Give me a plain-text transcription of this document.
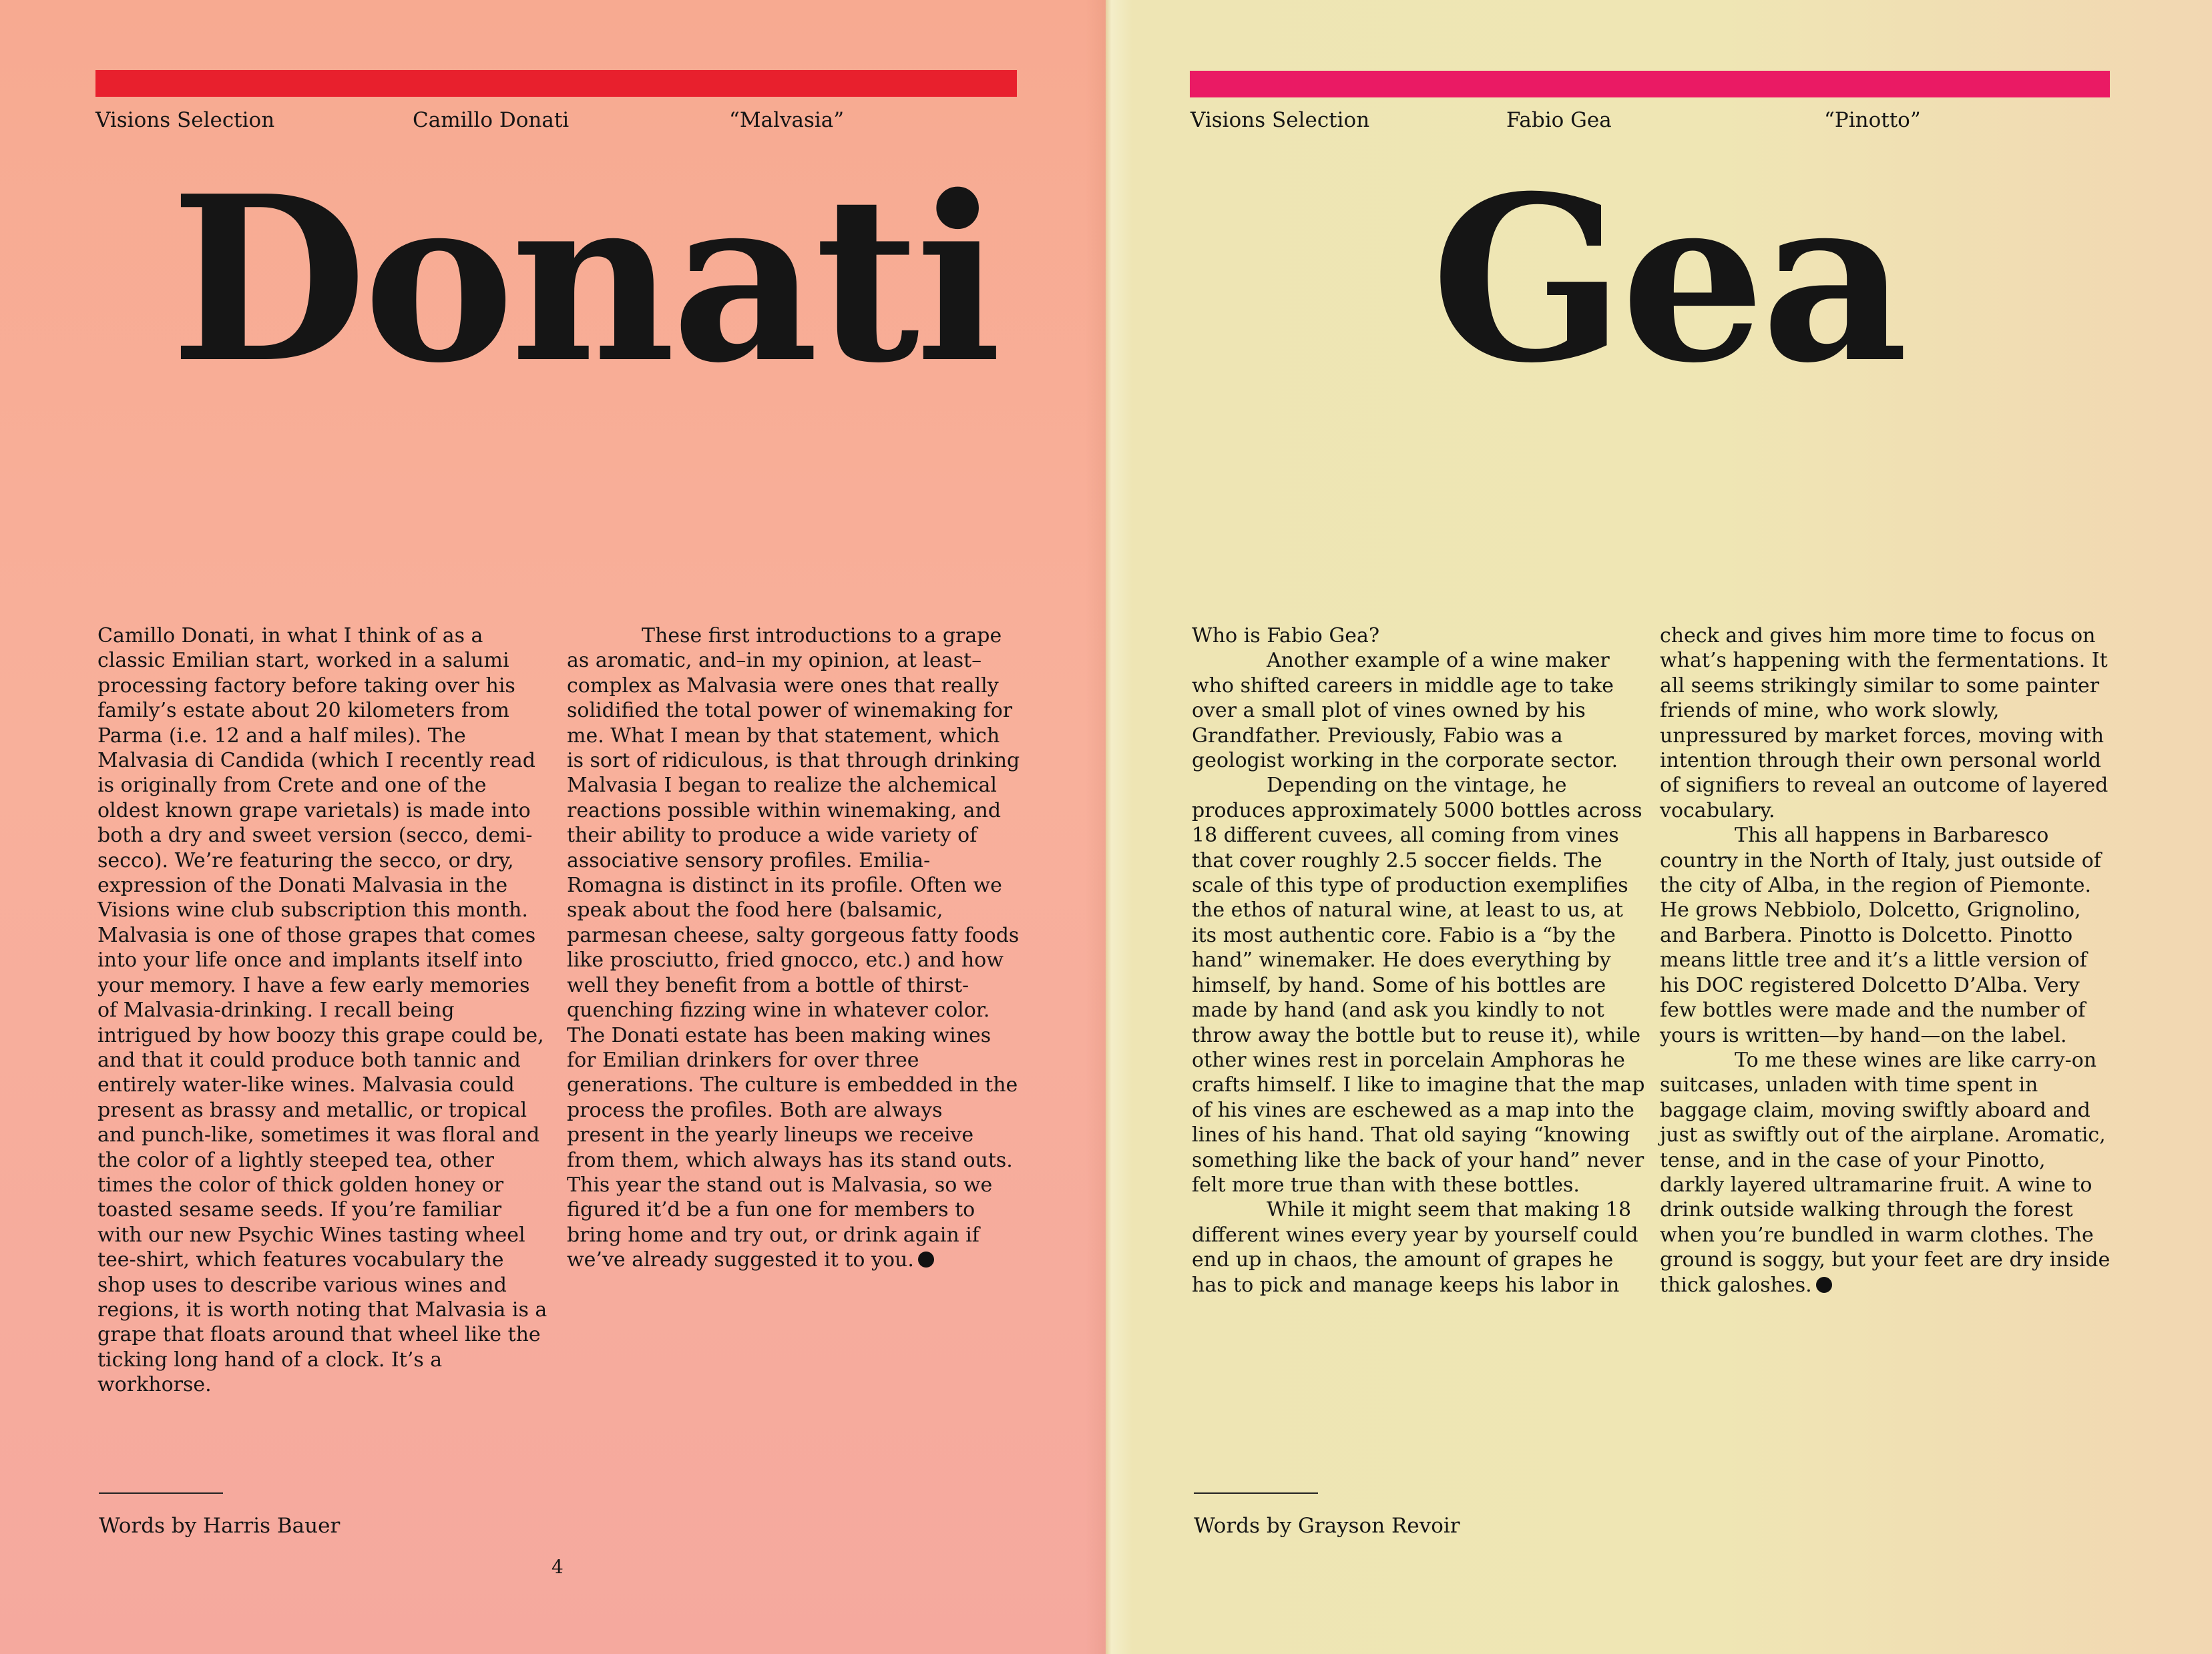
Visions Selection	Camillo Donati	“Malvasia”
Donati

Camillo Donati, in what I think of as a classic Emilian start, worked in a salumi processing factory before taking over his family’s estate about 20 kilometers from Parma (i.e. 12 and a half miles). The Malvasia di Candida (which I recently read is originally from Crete and one of the oldest known grape varietals) is made into both a dry and sweet version (secco, demi-secco). We’re featuring the secco, or dry, expression of the Donati Malvasia in the Visions wine club subscription this month. Malvasia is one of those grapes that comes into your life once and implants itself into your memory. I have a few early memories of Malvasia-drinking. I recall being intrigued by how boozy this grape could be, and that it could produce both tannic and entirely water-like wines. Malvasia could present as brassy and metallic, or tropical and punch-like, sometimes it was floral and the color of a lightly steeped tea, other times the color of thick golden honey or toasted sesame seeds. If you’re familiar with our new Psychic Wines tasting wheel tee-shirt, which features vocabulary the shop uses to describe various wines and regions, it is worth noting that Malvasia is a grape that floats around that wheel like the ticking long hand of a clock. It’s a workhorse.

These first introductions to a grape as aromatic, and–in my opinion, at least–complex as Malvasia were ones that really solidified the total power of winemaking for me. What I mean by that statement, which is sort of ridiculous, is that through drinking Malvasia I began to realize the alchemical reactions possible within winemaking, and their ability to produce a wide variety of associative sensory profiles. Emilia-Romagna is distinct in its profile. Often we speak about the food here (balsamic, parmesan cheese, salty gorgeous fatty foods like prosciutto, fried gnocco, etc.) and how well they benefit from a bottle of thirst-quenching fizzing wine in whatever color. The Donati estate has been making wines for Emilian drinkers for over three generations. The culture is embedded in the process the profiles. Both are always present in the yearly lineups we receive from them, which always has its stand outs. This year the stand out is Malvasia, so we figured it’d be a fun one for members to bring home and try out, or drink again if we’ve already suggested it to you.

Words by Harris Bauer
4
Visions Selection	Fabio Gea	“Pinotto”
Gea

Who is Fabio Gea?

Another example of a wine maker who shifted careers in middle age to take over a small plot of vines owned by his Grandfather. Previously, Fabio was a geologist working in the corporate sector.

Depending on the vintage, he produces approximately 5000 bottles across 18 different cuvees, all coming from vines that cover roughly 2.5 soccer fields. The scale of this type of production exemplifies the ethos of natural wine, at least to us, at its most authentic core. Fabio is a “by the hand” winemaker. He does everything by himself, by hand. Some of his bottles are made by hand (and ask you kindly to not throw away the bottle but to reuse it), while other wines rest in porcelain Amphoras he crafts himself. I like to imagine that the map of his vines are eschewed as a map into the lines of his hand. That old saying “knowing something like the back of your hand” never felt more true than with these bottles.

While it might seem that making 18 different wines every year by yourself could end up in chaos, the amount of grapes he has to pick and manage keeps his labor in

check and gives him more time to focus on what’s happening with the fermentations. It all seems strikingly similar to some painter friends of mine, who work slowly, unpressured by market forces, moving with intention through their own personal world of signifiers to reveal an outcome of layered vocabulary.

This all happens in Barbaresco country in the North of Italy, just outside of the city of Alba, in the region of Piemonte. He grows Nebbiolo, Dolcetto, Grignolino, and Barbera. Pinotto is Dolcetto. Pinotto means little tree and it’s a little version of his DOC registered Dolcetto D’Alba. Very few bottles were made and the number of yours is written—by hand—on the label.

To me these wines are like carry-on suitcases, unladen with time spent in baggage claim, moving swiftly aboard and just as swiftly out of the airplane. Aromatic, tense, and in the case of your Pinotto, darkly layered ultramarine fruit. A wine to drink outside walking through the forest when you’re bundled in warm clothes. The ground is soggy, but your feet are dry inside thick galoshes.

Words by Grayson Revoir
